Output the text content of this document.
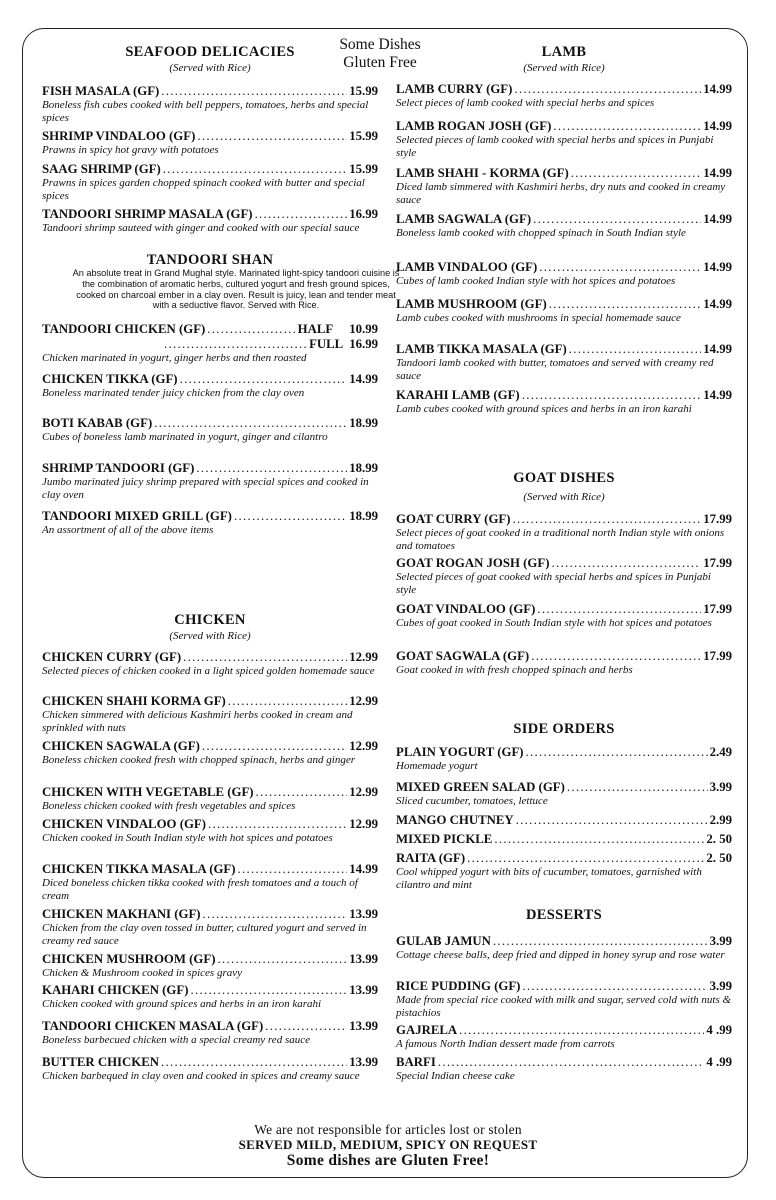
Some Dishes
Gluten Free
SEAFOOD DELICACIES
(Served with Rice)
FISH MASALA (GF) .....	15.99
Boneless fish cubes cooked with bell peppers, tomatoes, herbs and special spices
SHRIMP VINDALOO (GF) .....	15.99
Prawns in spicy hot gravy with potatoes
SAAG SHRIMP (GF) .....	15.99
Prawns in spices garden chopped spinach cooked with butter and special spices
TANDOORI SHRIMP MASALA (GF) .....	16.99
Tandoori shrimp sauteed with ginger and cooked with our special sauce
TANDOORI SHAN
An absolute treat in Grand Mughal style. Marinated light-spicy tandoori cuisine is the combination of aromatic herbs, cultured yogurt and fresh ground spices, cooked on charcoal ember in a clay oven. Result is juicy, lean and tender meat with a seductive flavor. Served with Rice.
TANDOORI CHICKEN (GF) .....	HALF 10.99
.....
FULL 16.99
Chicken marinated in yogurt, ginger herbs and then roasted
CHICKEN TIKKA (GF) .....	14.99
Boneless marinated tender juicy chicken from the clay oven
BOTI KABAB (GF) .....	18.99
Cubes of boneless lamb marinated in yogurt, ginger and cilantro
SHRIMP TANDOORI (GF) .....	18.99
Jumbo marinated juicy shrimp prepared with special spices and cooked in clay oven
TANDOORI MIXED GRILL (GF) .....	18.99
An assortment of all of the above items
CHICKEN
(Served with Rice)
CHICKEN CURRY (GF) .....	12.99
Selected pieces of chicken cooked in a light spiced golden homemade sauce
CHICKEN SHAHI KORMA GF) .....	12.99
Chicken simmered with delicious Kashmiri herbs cooked in cream and sprinkled with nuts
CHICKEN SAGWALA (GF) .....	12.99
Boneless chicken cooked fresh with chopped spinach, herbs and ginger
CHICKEN WITH VEGETABLE (GF) .....	12.99
Boneless chicken cooked with fresh vegetables and spices
CHICKEN VINDALOO (GF) .....	12.99
Chicken cooked in South Indian style with hot spices and potatoes
CHICKEN TIKKA MASALA (GF) .....	14.99
Diced boneless chicken tikka cooked with fresh tomatoes and a touch of cream
CHICKEN MAKHANI (GF) .....	13.99
Chicken from the clay oven tossed in butter, cultured yogurt and served in creamy red sauce
CHICKEN MUSHROOM (GF) .....	13.99
Chicken & Mushroom cooked in spices gravy
KAHARI CHICKEN (GF) .....	13.99
Chicken cooked with ground spices and herbs in an iron karahi
TANDOORI CHICKEN MASALA (GF) .....	13.99
Boneless barbecued chicken with a special creamy red sauce
BUTTER CHICKEN .....	13.99
Chicken barbequed in clay oven and cooked in spices and creamy sauce
LAMB
(Served with Rice)
LAMB CURRY (GF) .....	14.99
Select pieces of lamb cooked with special herbs and spices
LAMB ROGAN JOSH (GF) .....	14.99
Selected pieces of lamb cooked with special herbs and spices in Punjabi style
LAMB SHAHI - KORMA (GF) .....	14.99
Diced lamb simmered with Kashmiri herbs, dry nuts and cooked in creamy sauce
LAMB SAGWALA (GF) .....	14.99
Boneless lamb cooked with chopped spinach in South Indian style
LAMB VINDALOO (GF) .....	14.99
Cubes of lamb cooked Indian style with hot spices and potatoes
LAMB MUSHROOM (GF) .....	14.99
Lamb cubes cooked with mushrooms in special homemade sauce
LAMB TIKKA MASALA (GF) .....	14.99
Tandoori lamb cooked with butter, tomatoes and served with creamy red sauce
KARAHI LAMB (GF) .....	14.99
Lamb cubes cooked with ground spices and herbs in an iron karahi
GOAT DISHES
(Served with Rice)
GOAT CURRY (GF) .....	17.99
Select pieces of goat cooked in a traditional north Indian style with onions and tomatoes
GOAT ROGAN JOSH (GF) .....	17.99
Selected pieces of goat cooked with special herbs and spices in Punjabi style
GOAT VINDALOO (GF) .....	17.99
Cubes of goat cooked in South Indian style with hot spices and potatoes
GOAT SAGWALA (GF) .....	17.99
Goat cooked in with fresh chopped spinach and herbs
SIDE ORDERS
PLAIN YOGURT (GF) .....	2.49
Homemade yogurt
MIXED GREEN SALAD (GF) .....	3.99
Sliced cucumber, tomatoes, lettuce
MANGO CHUTNEY .....	2.99
MIXED PICKLE .....	2. 50
RAITA (GF) .....	2. 50
Cool whipped yogurt with bits of cucumber, tomatoes, garnished with cilantro and mint
DESSERTS
GULAB JAMUN .....	3.99
Cottage cheese balls, deep fried and dipped in honey syrup and rose water
RICE PUDDING (GF) .....	3.99
Made from special rice cooked with milk and sugar, served cold with nuts & pistachios
GAJRELA .....	4 .99
A famous North Indian dessert made from carrots
BARFI .....	4 .99
Special Indian cheese cake
We are not responsible for articles lost or stolen
SERVED MILD, MEDIUM, SPICY ON REQUEST
Some dishes are Gluten Free!
